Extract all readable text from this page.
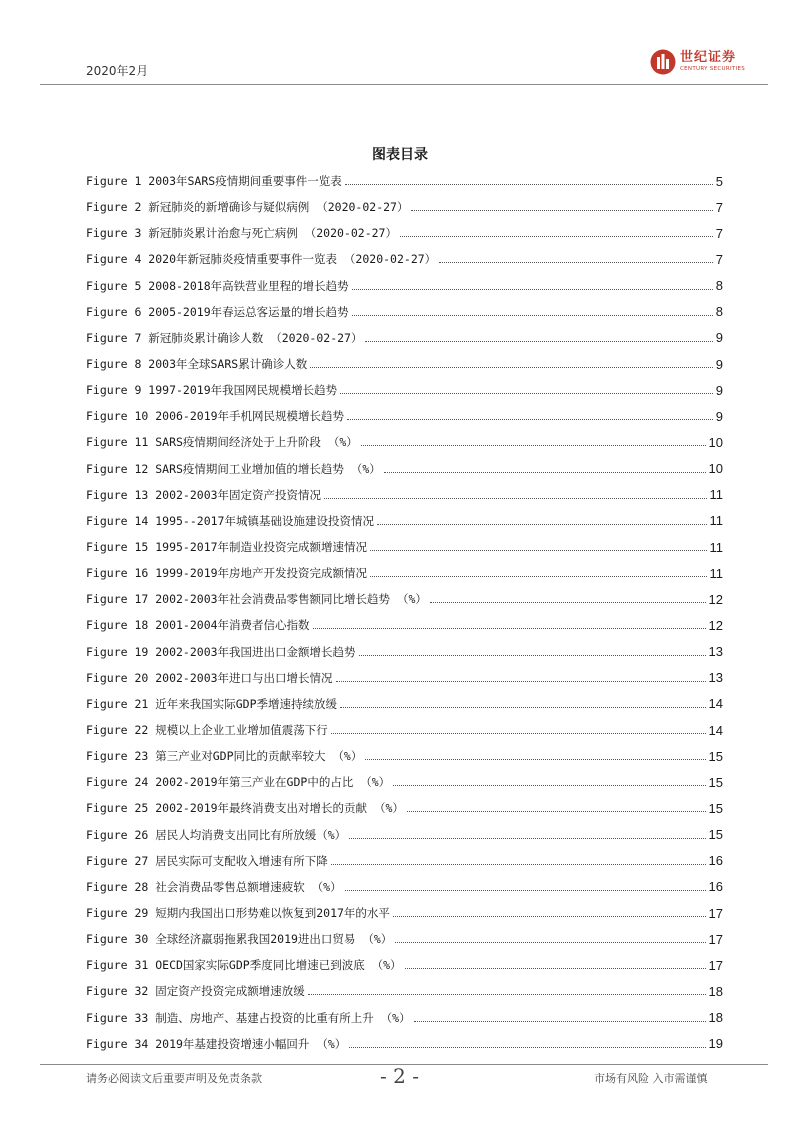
2020年2月
世纪证券
CENTURY SECURITIES
图表目录
Figure 1 2003年SARS疫情期间重要事件一览表	5
Figure 2 新冠肺炎的新增确诊与疑似病例 （2020-02-27）	7
Figure 3 新冠肺炎累计治愈与死亡病例 （2020-02-27）	7
Figure 4 2020年新冠肺炎疫情重要事件一览表 （2020-02-27）	7
Figure 5 2008-2018年高铁营业里程的增长趋势	8
Figure 6 2005-2019年春运总客运量的增长趋势	8
Figure 7 新冠肺炎累计确诊人数 （2020-02-27）	9
Figure 8 2003年全球SARS累计确诊人数	9
Figure 9 1997-2019年我国网民规模增长趋势	9
Figure 10 2006-2019年手机网民规模增长趋势	9
Figure 11 SARS疫情期间经济处于上升阶段 （%）	10
Figure 12 SARS疫情期间工业增加值的增长趋势 （%）	10
Figure 13 2002-2003年固定资产投资情况	11
Figure 14 1995--2017年城镇基础设施建设投资情况	11
Figure 15 1995-2017年制造业投资完成额增速情况	11
Figure 16 1999-2019年房地产开发投资完成额情况	11
Figure 17 2002-2003年社会消费品零售额同比增长趋势 （%）	12
Figure 18 2001-2004年消费者信心指数	12
Figure 19 2002-2003年我国进出口金额增长趋势	13
Figure 20 2002-2003年进口与出口增长情况	13
Figure 21 近年来我国实际GDP季增速持续放缓	14
Figure 22 规模以上企业工业增加值震荡下行	14
Figure 23 第三产业对GDP同比的贡献率较大 （%）	15
Figure 24 2002-2019年第三产业在GDP中的占比 （%）	15
Figure 25 2002-2019年最终消费支出对增长的贡献 （%）	15
Figure 26 居民人均消费支出同比有所放缓（%）	15
Figure 27 居民实际可支配收入增速有所下降	16
Figure 28 社会消费品零售总额增速疲软 （%）	16
Figure 29 短期内我国出口形势难以恢复到2017年的水平	17
Figure 30 全球经济羸弱拖累我国2019进出口贸易 （%）	17
Figure 31 OECD国家实际GDP季度同比增速已到波底 （%）	17
Figure 32 固定资产投资完成额增速放缓	18
Figure 33 制造、房地产、基建占投资的比重有所上升 （%）	18
Figure 34 2019年基建投资增速小幅回升 （%）	19
请务必阅读文后重要声明及免责条款	- 2 -	市场有风险 入市需谨慎
